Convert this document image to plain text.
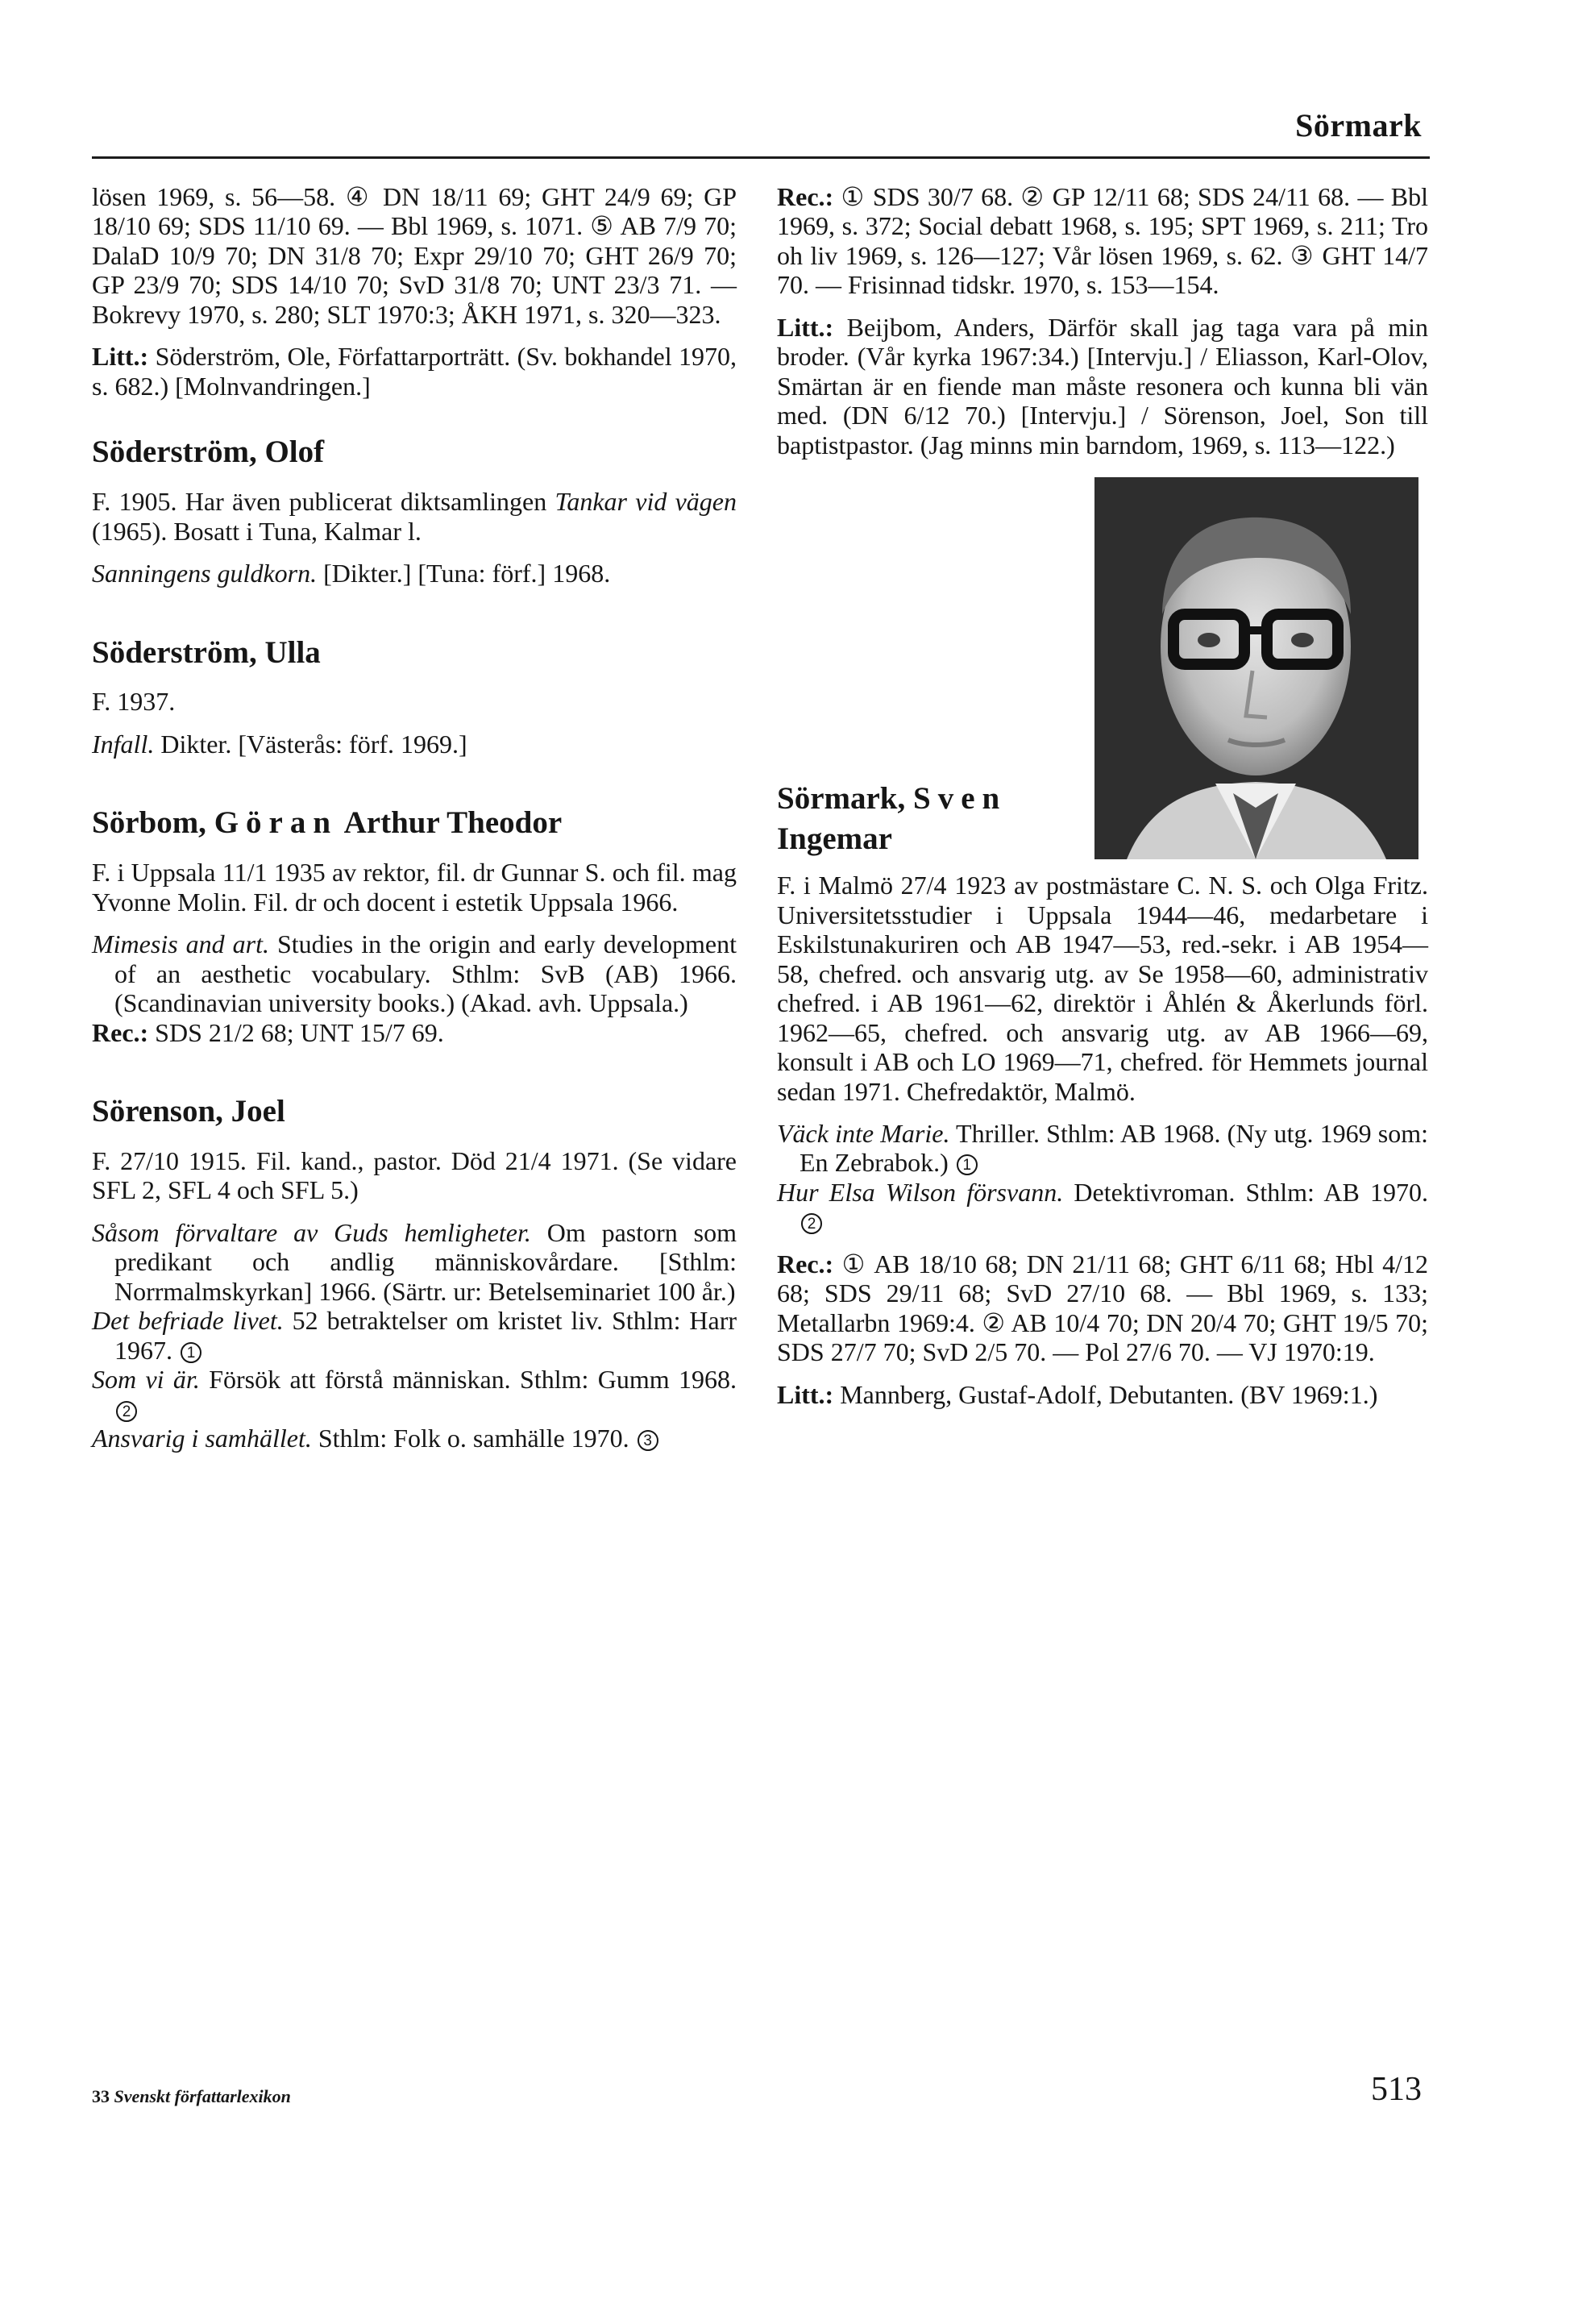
Sörmark

lösen 1969, s. 56—58. ④ DN 18/11 69; GHT 24/9 69; GP 18/10 69; SDS 11/10 69. — Bbl 1969, s. 1071. ⑤ AB 7/9 70; DalaD 10/9 70; DN 31/8 70; Expr 29/10 70; GHT 26/9 70; GP 23/9 70; SDS 14/10 70; SvD 31/8 70; UNT 23/3 71. — Bokrevy 1970, s. 280; SLT 1970:3; ÅKH 1971, s. 320—323.

Litt.: Söderström, Ole, Författarporträtt. (Sv. bokhandel 1970, s. 682.) [Molnvandringen.]

Söderström, Olof

F. 1905. Har även publicerat diktsamlingen Tankar vid vägen (1965). Bosatt i Tuna, Kalmar l.

Sanningens guldkorn. [Dikter.] [Tuna: förf.] 1968.

Söderström, Ulla

F. 1937.

Infall. Dikter. [Västerås: förf. 1969.]

Sörbom, Göran Arthur Theodor

F. i Uppsala 11/1 1935 av rektor, fil. dr Gunnar S. och fil. mag Yvonne Molin. Fil. dr och docent i estetik Uppsala 1966.

Mimesis and art. Studies in the origin and early development of an aesthetic vocabulary. Sthlm: SvB (AB) 1966. (Scandinavian university books.) (Akad. avh. Uppsala.)

Rec.: SDS 21/2 68; UNT 15/7 69.

Sörenson, Joel

F. 27/10 1915. Fil. kand., pastor. Död 21/4 1971. (Se vidare SFL 2, SFL 4 och SFL 5.)

Såsom förvaltare av Guds hemligheter. Om pastorn som predikant och andlig människovårdare. [Sthlm: Norrmalmskyrkan] 1966. (Särtr. ur: Betelseminariet 100 år.)

Det befriade livet. 52 betraktelser om kristet liv. Sthlm: Harr 1967. 1

Som vi är. Försök att förstå människan. Sthlm: Gumm 1968. 2

Ansvarig i samhället. Sthlm: Folk o. samhälle 1970. 3

Rec.: ① SDS 30/7 68. ② GP 12/11 68; SDS 24/11 68. — Bbl 1969, s. 372; Social debatt 1968, s. 195; SPT 1969, s. 211; Tro oh liv 1969, s. 126—127; Vår lösen 1969, s. 62. ③ GHT 14/7 70. — Frisinnad tidskr. 1970, s. 153—154.

Litt.: Beijbom, Anders, Därför skall jag taga vara på min broder. (Vår kyrka 1967:34.) [Intervju.] / Eliasson, Karl-Olov, Smärtan är en fiende man måste resonera och kunna bli vän med. (DN 6/12 70.) [Intervju.] / Sörenson, Joel, Son till baptistpastor. (Jag minns min barndom, 1969, s. 113—122.)

Sörmark, Sven
Ingemar

F. i Malmö 27/4 1923 av postmästare C. N. S. och Olga Fritz. Universitetsstudier i Uppsala 1944—46, medarbetare i Eskilstunakuriren och AB 1947—53, red.-sekr. i AB 1954—58, chefred. och ansvarig utg. av Se 1958—60, administrativ chefred. i AB 1961—62, direktör i Åhlén & Åkerlunds förl. 1962—65, chefred. och ansvarig utg. av AB 1966—69, konsult i AB och LO 1969—71, chefred. för Hemmets journal sedan 1971. Chefredaktör, Malmö.

Väck inte Marie. Thriller. Sthlm: AB 1968. (Ny utg. 1969 som: En Zebrabok.) 1

Hur Elsa Wilson försvann. Detektivroman. Sthlm: AB 1970. 2

Rec.: ① AB 18/10 68; DN 21/11 68; GHT 6/11 68; Hbl 4/12 68; SDS 29/11 68; SvD 27/10 68. — Bbl 1969, s. 133; Metallarbn 1969:4. ② AB 10/4 70; DN 20/4 70; GHT 19/5 70; SDS 27/7 70; SvD 2/5 70. — Pol 27/6 70. — VJ 1970:19.

Litt.: Mannberg, Gustaf-Adolf, Debutanten. (BV 1969:1.)

33 Svenskt författarlexikon	513
